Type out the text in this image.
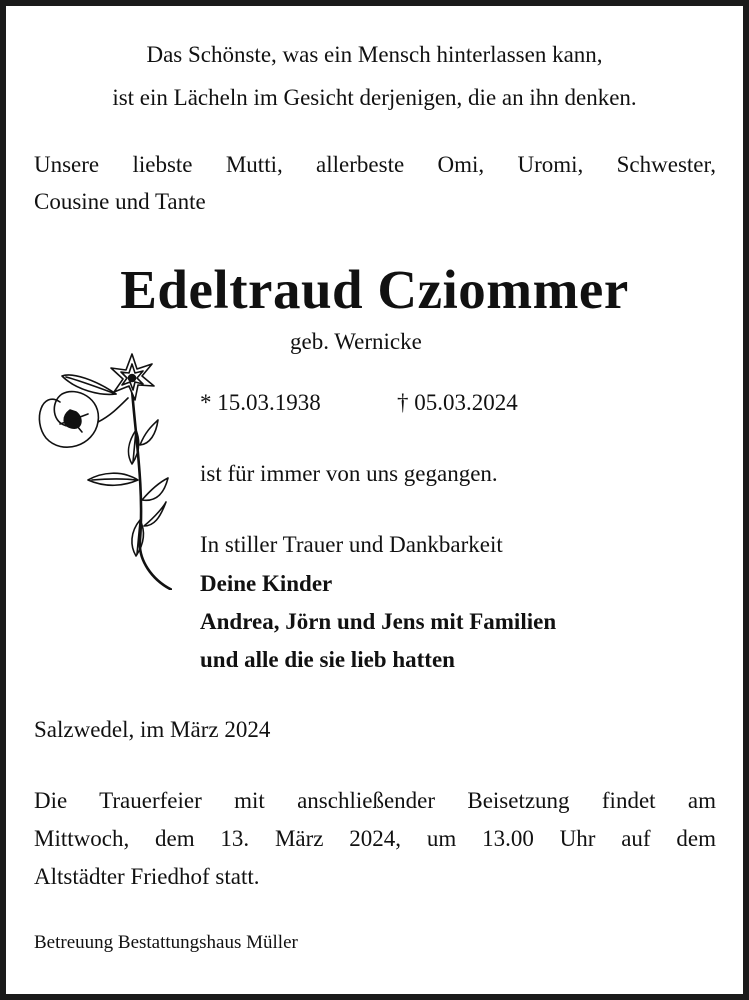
Das Schönste, was ein Mensch hinterlassen kann,

ist ein Lächeln im Gesicht derjenigen, die an ihn denken.

Unsere liebste Mutti, allerbeste Omi, Uromi, Schwester,

Cousine und Tante

Edeltraud Cziommer

geb. Wernicke

* 15.03.1938	† 05.03.2024

ist für immer von uns gegangen.

In stiller Trauer und Dankbarkeit

Deine Kinder

Andrea, Jörn und Jens mit Familien

und alle die sie lieb hatten

Salzwedel, im März 2024

Die Trauerfeier mit anschließender Beisetzung findet am

Mittwoch, dem 13. März 2024, um 13.00 Uhr auf dem

Altstädter Friedhof statt.

Betreuung Bestattungshaus Müller
